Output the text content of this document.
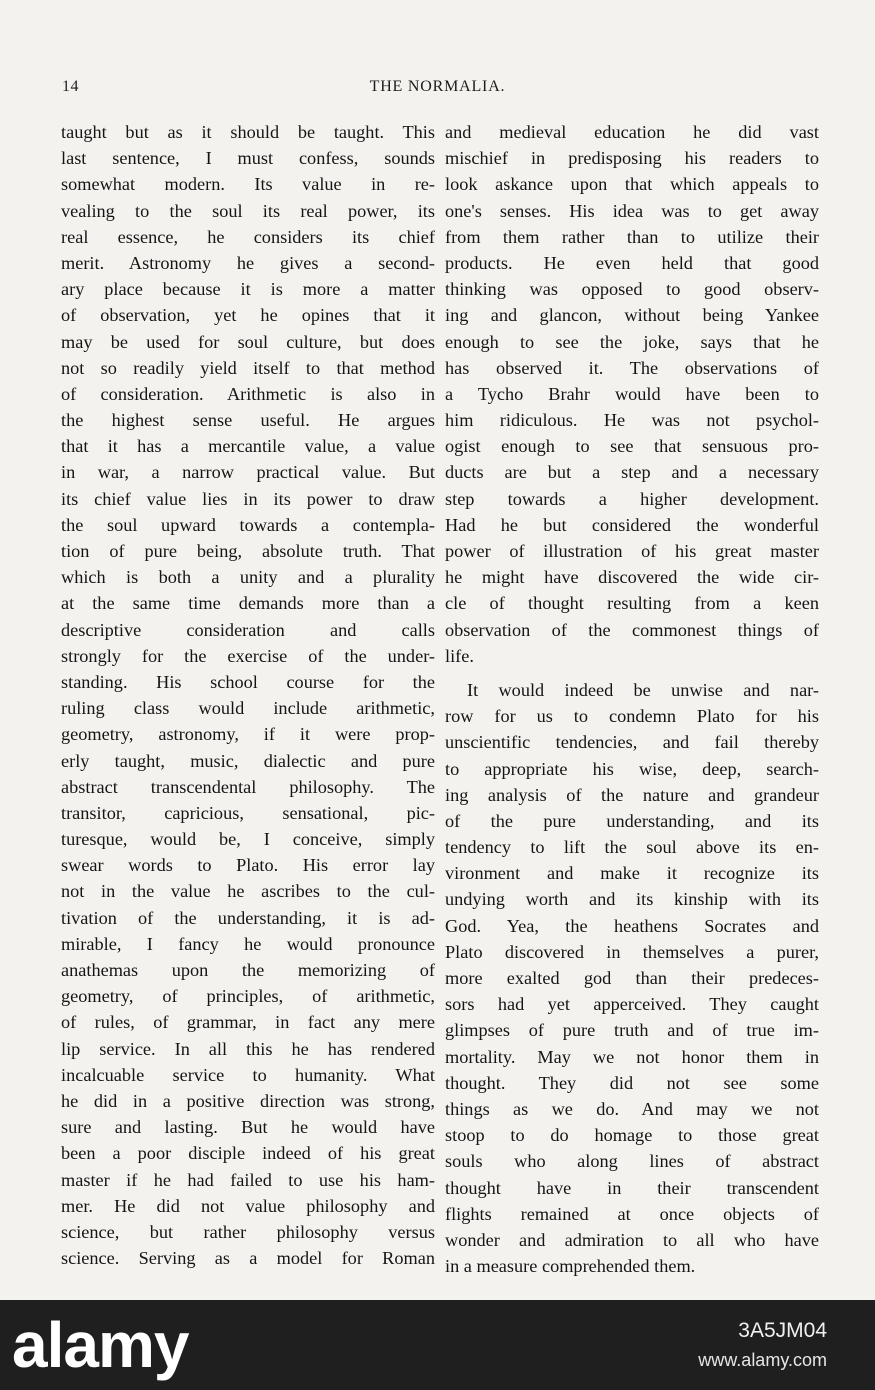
14	THE NORMALIA.
taught but as it should be taught. This
last sentence, I must confess, sounds
somewhat modern. Its value in re-
vealing to the soul its real power, its
real essence, he considers its chief
merit. Astronomy he gives a second-
ary place because it is more a matter
of observation, yet he opines that it
may be used for soul culture, but does
not so readily yield itself to that method
of consideration. Arithmetic is also in
the highest sense useful. He argues
that it has a mercantile value, a value
in war, a narrow practical value. But
its chief value lies in its power to draw
the soul upward towards a contempla-
tion of pure being, absolute truth. That
which is both a unity and a plurality
at the same time demands more than a
descriptive consideration and calls
strongly for the exercise of the under-
standing. His school course for the
ruling class would include arithmetic,
geometry, astronomy, if it were prop-
erly taught, music, dialectic and pure
abstract transcendental philosophy. The
transitor, capricious, sensational, pic-
turesque, would be, I conceive, simply
swear words to Plato. His error lay
not in the value he ascribes to the cul-
tivation of the understanding, it is ad-
mirable, I fancy he would pronounce
anathemas upon the memorizing of
geometry, of principles, of arithmetic,
of rules, of grammar, in fact any mere
lip service. In all this he has rendered
incalcuable service to humanity. What
he did in a positive direction was strong,
sure and lasting. But he would have
been a poor disciple indeed of his great
master if he had failed to use his ham-
mer. He did not value philosophy and
science, but rather philosophy versus
science. Serving as a model for Roman
and medieval education he did vast
mischief in predisposing his readers to
look askance upon that which appeals to
one's senses. His idea was to get away
from them rather than to utilize their
products. He even held that good
thinking was opposed to good observ-
ing and glancon, without being Yankee
enough to see the joke, says that he
has observed it. The observations of
a Tycho Brahr would have been to
him ridiculous. He was not psychol-
ogist enough to see that sensuous pro-
ducts are but a step and a necessary
step towards a higher development.
Had he but considered the wonderful
power of illustration of his great master
he might have discovered the wide cir-
cle of thought resulting from a keen
observation of the commonest things of
life.
It would indeed be unwise and nar-
row for us to condemn Plato for his
unscientific tendencies, and fail thereby
to appropriate his wise, deep, search-
ing analysis of the nature and grandeur
of the pure understanding, and its
tendency to lift the soul above its en-
vironment and make it recognize its
undying worth and its kinship with its
God. Yea, the heathens Socrates and
Plato discovered in themselves a purer,
more exalted god than their predeces-
sors had yet apperceived. They caught
glimpses of pure truth and of true im-
mortality. May we not honor them in
thought. They did not see some
things as we do. And may we not
stoop to do homage to those great
souls who along lines of abstract
thought have in their transcendent
flights remained at once objects of
wonder and admiration to all who have
in a measure comprehended them.
alamy	3A5JM04
www.alamy.com
